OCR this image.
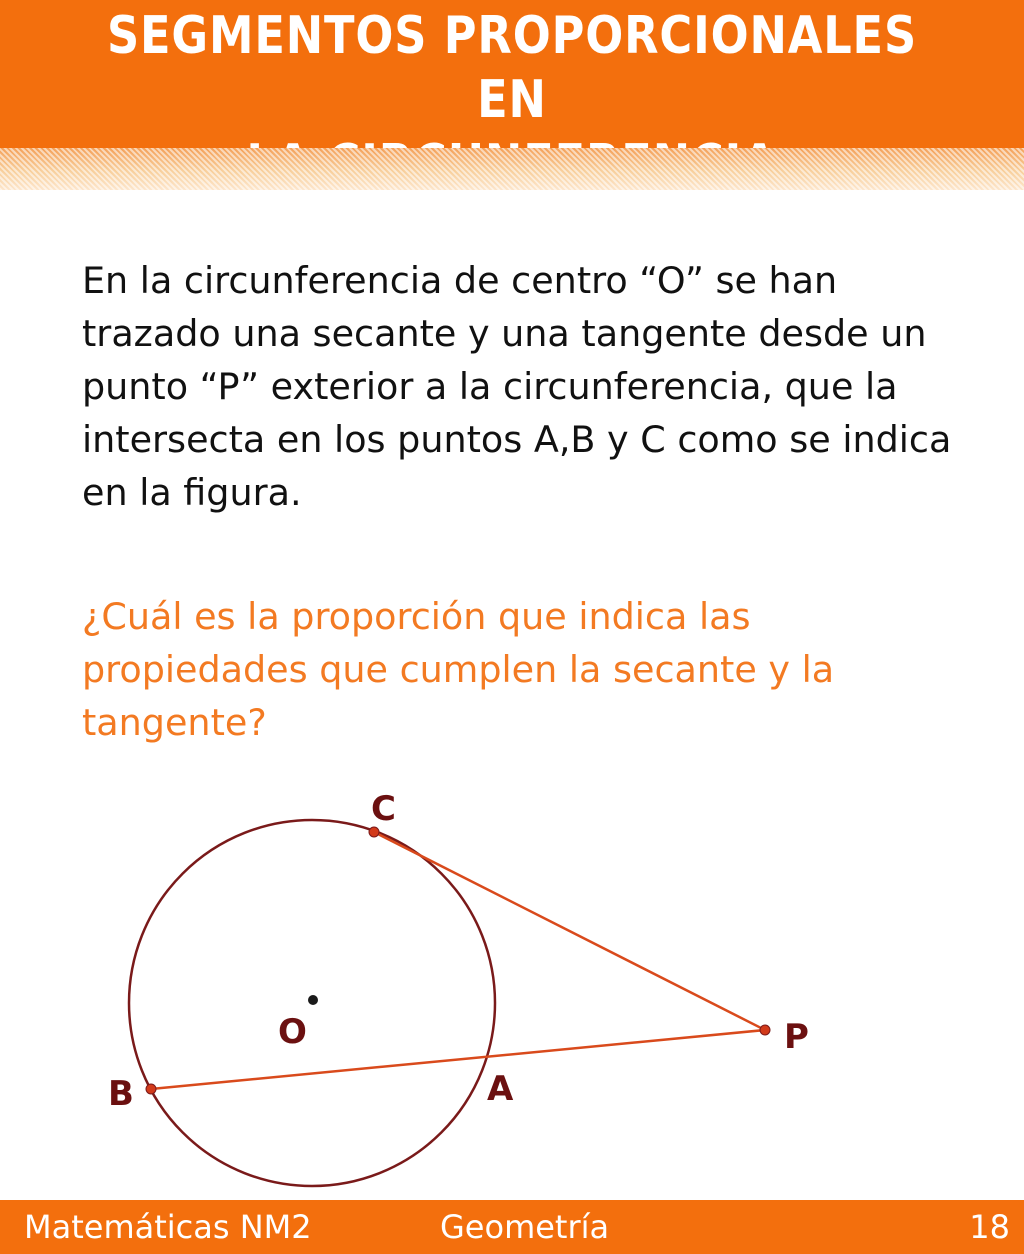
SEGMENTOS PROPORCIONALES EN

En la circunferencia de centro “O” se han trazado una secante y una tangente desde un punto “P” exterior a la circunferencia, que la intersecta en los puntos A,B y C como se indica en la figura.

¿Cuál es la proporción que indica las propiedades que cumplen la secante y la tangente?

C
O	P
B	A
Matemáticas NM2	Geometría	18
